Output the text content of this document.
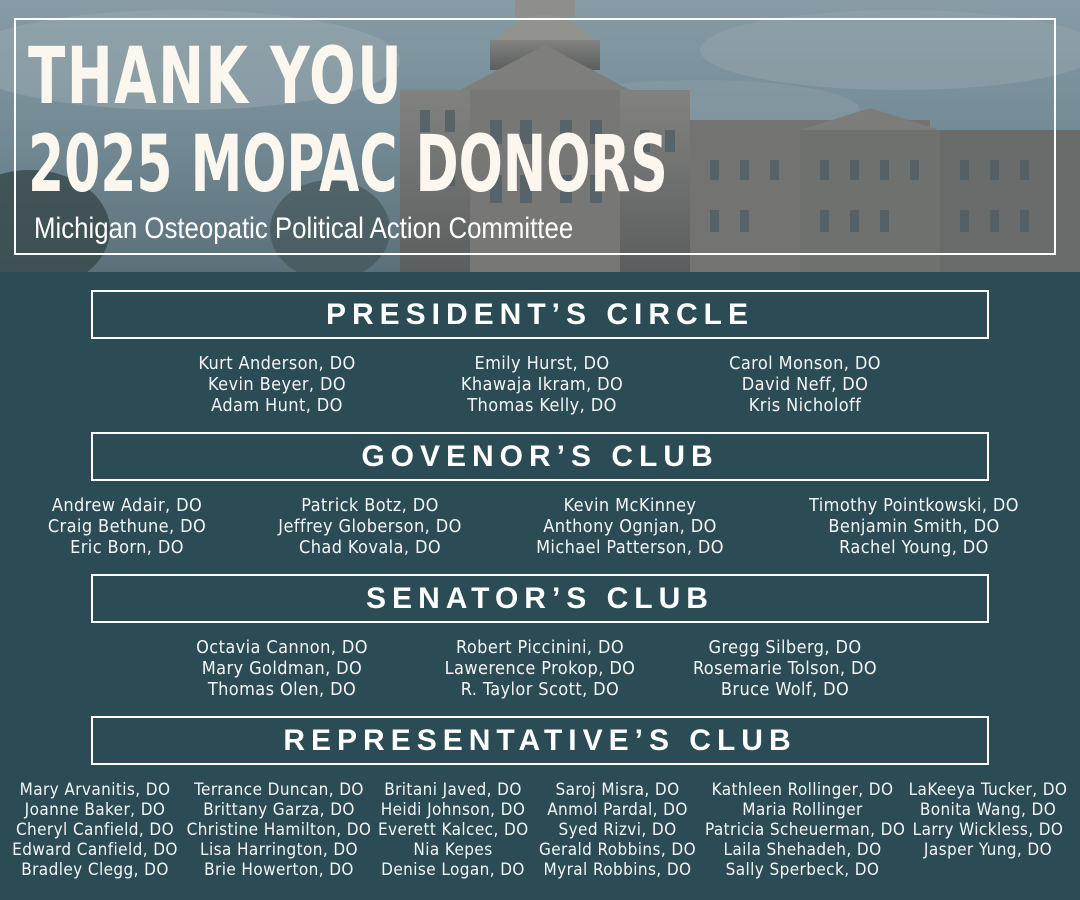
THANK YOU
2025 MOPAC DONORS

Michigan Osteopatic Political Action Committee

PRESIDENT’S CIRCLE
Kurt Anderson, DO
Kevin Beyer, DO
Adam Hunt, DO
Emily Hurst, DO
Khawaja Ikram, DO
Thomas Kelly, DO
Carol Monson, DO
David Neff, DO
Kris Nicholoff
GOVENOR’S CLUB
Andrew Adair, DO
Craig Bethune, DO
Eric Born, DO
Patrick Botz, DO
Jeffrey Globerson, DO
Chad Kovala, DO
Kevin McKinney
Anthony Ognjan, DO
Michael Patterson, DO
Timothy Pointkowski, DO
Benjamin Smith, DO
Rachel Young, DO
SENATOR’S CLUB
Octavia Cannon, DO
Mary Goldman, DO
Thomas Olen, DO
Robert Piccinini, DO
Lawerence Prokop, DO
R. Taylor Scott, DO
Gregg Silberg, DO
Rosemarie Tolson, DO
Bruce Wolf, DO
REPRESENTATIVE’S CLUB
Mary Arvanitis, DO
Joanne Baker, DO
Cheryl Canfield, DO
Edward Canfield, DO
Bradley Clegg, DO
Terrance Duncan, DO
Brittany Garza, DO
Christine Hamilton, DO
Lisa Harrington, DO
Brie Howerton, DO
Britani Javed, DO
Heidi Johnson, DO
Everett Kalcec, DO
Nia Kepes
Denise Logan, DO
Saroj Misra, DO
Anmol Pardal, DO
Syed Rizvi, DO
Gerald Robbins, DO
Myral Robbins, DO
Kathleen Rollinger, DO
Maria Rollinger
Patricia Scheuerman, DO
Laila Shehadeh, DO
Sally Sperbeck, DO
LaKeeya Tucker, DO
Bonita Wang, DO
Larry Wickless, DO
Jasper Yung, DO
